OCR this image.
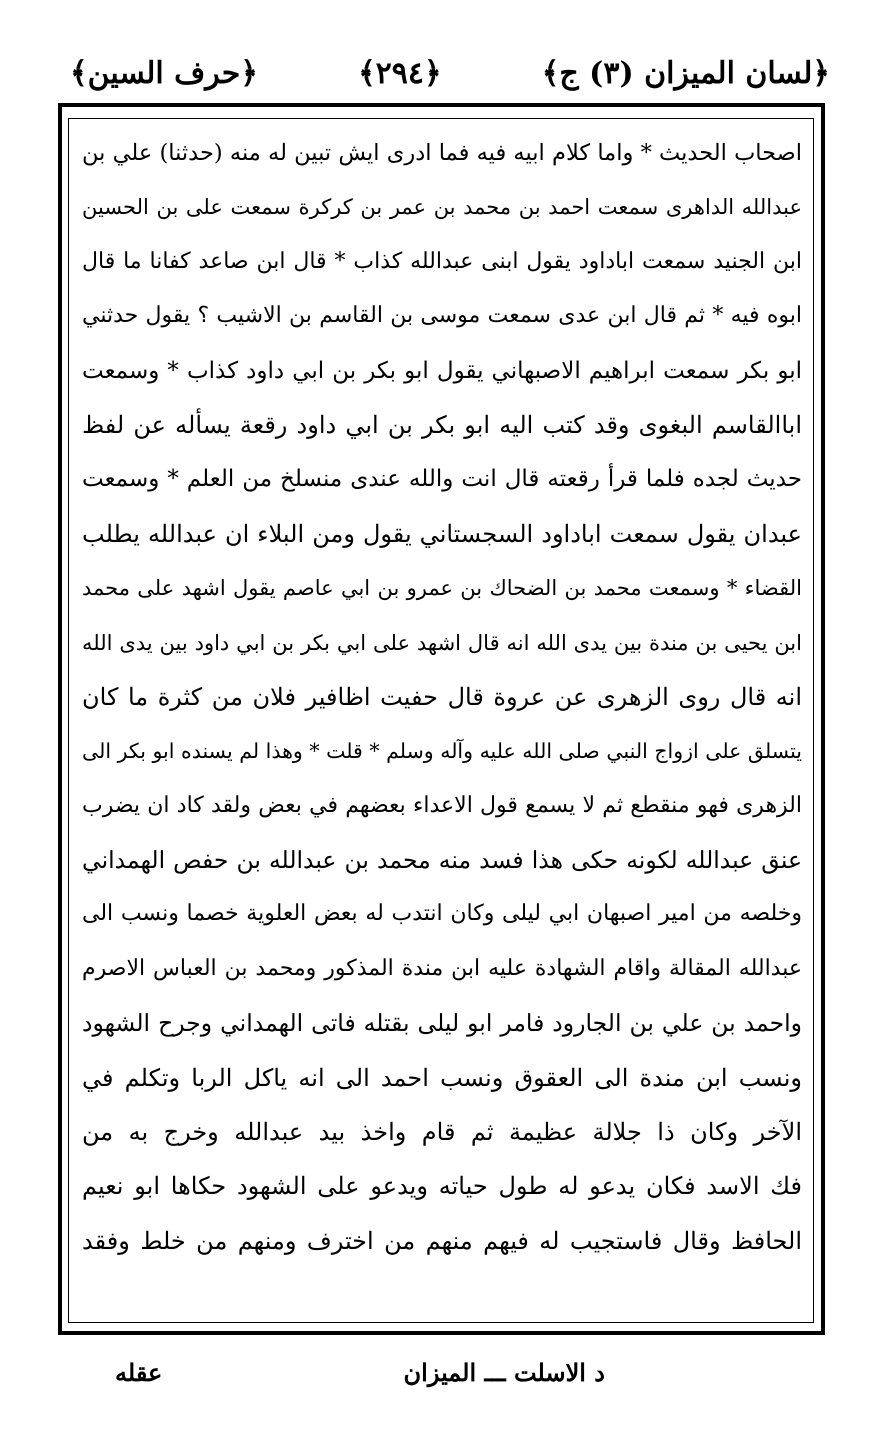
﴿لسان الميزان (٣) ج﴾
﴿٢٩٤﴾
﴿حرف السين﴾
اصحاب الحديث * واما كلام ابيه فيه فما ادرى ايش تبين له منه (حدثنا) علي بن
عبدالله الداهرى سمعت احمد بن محمد بن عمر بن كركرة سمعت على بن الحسين
ابن الجنيد سمعت اباداود يقول ابنى عبدالله كذاب * قال ابن صاعد كفانا ما قال
ابوه فيه * ثم قال ابن عدى سمعت موسى بن القاسم بن الاشيب ؟ يقول حدثني
ابو بكر سمعت ابراهيم الاصبهاني يقول ابو بكر بن ابي داود كذاب * وسمعت
اباالقاسم البغوى وقد كتب اليه ابو بكر بن ابي داود رقعة يسأله عن لفظ
حديث لجده فلما قرأ رقعته قال انت والله عندى منسلخ من العلم * وسمعت
عبدان يقول سمعت اباداود السجستاني يقول ومن البلاء ان عبدالله يطلب
القضاء * وسمعت محمد بن الضحاك بن عمرو بن ابي عاصم يقول اشهد على محمد
ابن يحيى بن مندة بين يدى الله انه قال اشهد على ابي بكر بن ابي داود بين يدى الله
انه قال روى الزهرى عن عروة قال حفيت اظافير فلان من كثرة ما كان
يتسلق على ازواج النبي صلى الله عليه وآله وسلم * قلت * وهذا لم يسنده ابو بكر الى
الزهرى فهو منقطع ثم لا يسمع قول الاعداء بعضهم في بعض ولقد كاد ان يضرب
عنق عبدالله لكونه حكى هذا فسد منه محمد بن عبدالله بن حفص الهمداني
وخلصه من امير اصبهان ابي ليلى وكان انتدب له بعض العلوية خصما ونسب الى
عبدالله المقالة واقام الشهادة عليه ابن مندة المذكور ومحمد بن العباس الاصرم
واحمد بن علي بن الجارود فامر ابو ليلى بقتله فاتى الهمداني وجرح الشهود
ونسب ابن مندة الى العقوق ونسب احمد الى انه ياكل الربا وتكلم في
الآخر وكان ذا جلالة عظيمة ثم قام واخذ بيد عبدالله وخرج به من
فك الاسد فكان يدعو له طول حياته ويدعو على الشهود حكاها ابو نعيم
الحافظ وقال فاستجيب له فيهم منهم من اخترف ومنهم من خلط وفقد
د الاسلت ـــ الميزان
عقله
